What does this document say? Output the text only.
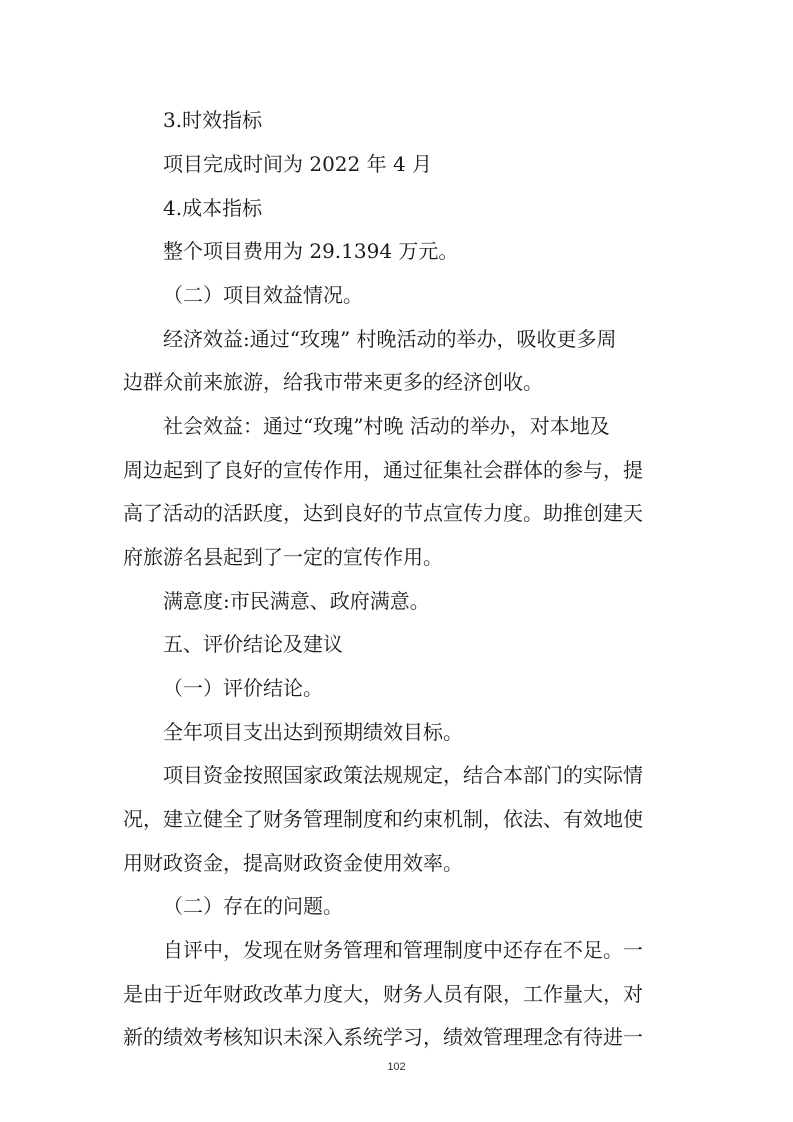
3.时效指标
项目完成时间为 2022 年 4 月
4.成本指标
整个项目费用为 29.1394 万元。
（二）项目效益情况。
经济效益:通过“玫瑰” 村晚活动的举办，吸收更多周
边群众前来旅游，给我市带来更多的经济创收。
社会效益：通过“玫瑰”村晚 活动的举办，对本地及
周边起到了良好的宣传作用，通过征集社会群体的参与，提
高了活动的活跃度，达到良好的节点宣传力度。助推创建天
府旅游名县起到了一定的宣传作用。
满意度:市民满意、政府满意。
五、评价结论及建议
（一）评价结论。
全年项目支出达到预期绩效目标。
项目资金按照国家政策法规规定，结合本部门的实际情
况，建立健全了财务管理制度和约束机制，依法、有效地使
用财政资金，提高财政资金使用效率。
（二）存在的问题。
自评中，发现在财务管理和管理制度中还存在不足。一
是由于近年财政改革力度大，财务人员有限，工作量大，对
新的绩效考核知识未深入系统学习，绩效管理理念有待进一
102
